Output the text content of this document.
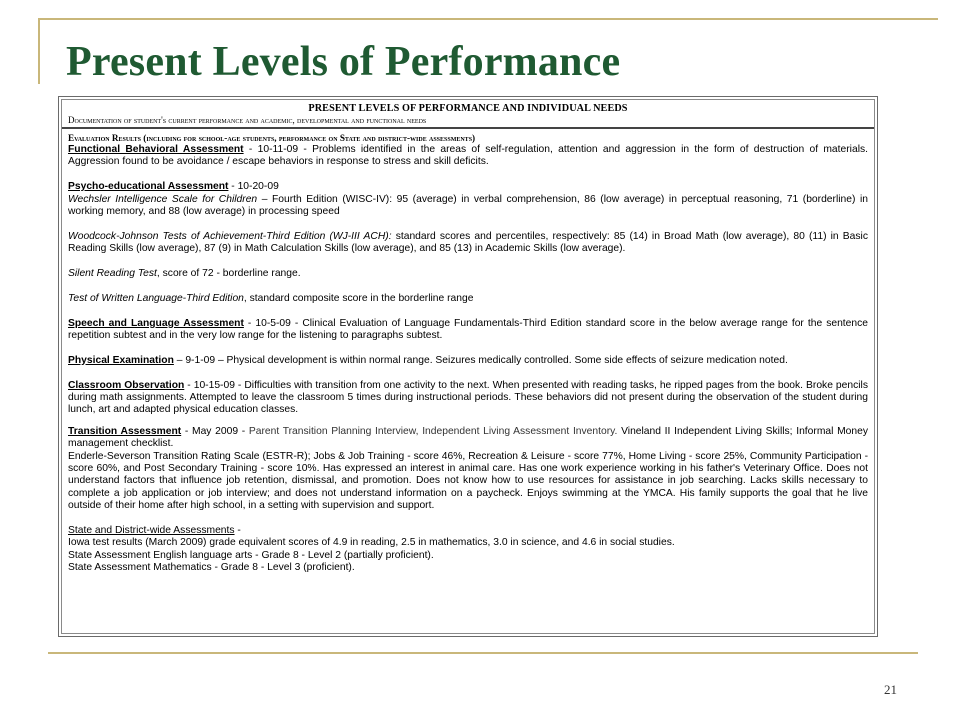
Present Levels of Performance
PRESENT LEVELS OF PERFORMANCE AND INDIVIDUAL NEEDS
Documentation of student's current performance and academic, developmental and functional needs
Evaluation Results (including for school-age students, performance on State and district-wide assessments)

Functional Behavioral Assessment - 10-11-09 - Problems identified in the areas of self-regulation, attention and aggression in the form of destruction of materials. Aggression found to be avoidance / escape behaviors in response to stress and skill deficits.

Psycho-educational Assessment - 10-20-09

Wechsler Intelligence Scale for Children – Fourth Edition (WISC-IV): 95 (average) in verbal comprehension, 86 (low average) in perceptual reasoning, 71 (borderline) in working memory, and 88 (low average) in processing speed

Woodcock-Johnson Tests of Achievement-Third Edition (WJ-III ACH): standard scores and percentiles, respectively: 85 (14) in Broad Math (low average), 80 (11) in Basic Reading Skills (low average), 87 (9) in Math Calculation Skills (low average), and 85 (13) in Academic Skills (low average).

Silent Reading Test, score of 72 - borderline range.

Test of Written Language-Third Edition, standard composite score in the borderline range

Speech and Language Assessment - 10-5-09 - Clinical Evaluation of Language Fundamentals-Third Edition standard score in the below average range for the sentence repetition subtest and in the very low range for the listening to paragraphs subtest.

Physical Examination – 9-1-09 – Physical development is within normal range. Seizures medically controlled. Some side effects of seizure medication noted.

Classroom Observation - 10-15-09 - Difficulties with transition from one activity to the next. When presented with reading tasks, he ripped pages from the book. Broke pencils during math assignments. Attempted to leave the classroom 5 times during instructional periods. These behaviors did not present during the observation of the student during lunch, art and adapted physical education classes.

Transition Assessment - May 2009 - Parent Transition Planning Interview, Independent Living Assessment Inventory. Vineland II Independent Living Skills; Informal Money management checklist.

Enderle-Severson Transition Rating Scale (ESTR-R); Jobs & Job Training - score 46%, Recreation & Leisure - score 77%, Home Living - score 25%, Community Participation - score 60%, and Post Secondary Training - score 10%. Has expressed an interest in animal care. Has one work experience working in his father's Veterinary Office. Does not understand factors that influence job retention, dismissal, and promotion. Does not know how to use resources for assistance in job searching. Lacks skills necessary to complete a job application or job interview; and does not understand information on a paycheck. Enjoys swimming at the YMCA. His family supports the goal that he live outside of their home after high school, in a setting with supervision and support.

State and District-wide Assessments -

Iowa test results (March 2009) grade equivalent scores of 4.9 in reading, 2.5 in mathematics, 3.0 in science, and 4.6 in social studies.

State Assessment English language arts - Grade 8 - Level 2 (partially proficient).

State Assessment Mathematics - Grade 8 - Level 3 (proficient).

21
